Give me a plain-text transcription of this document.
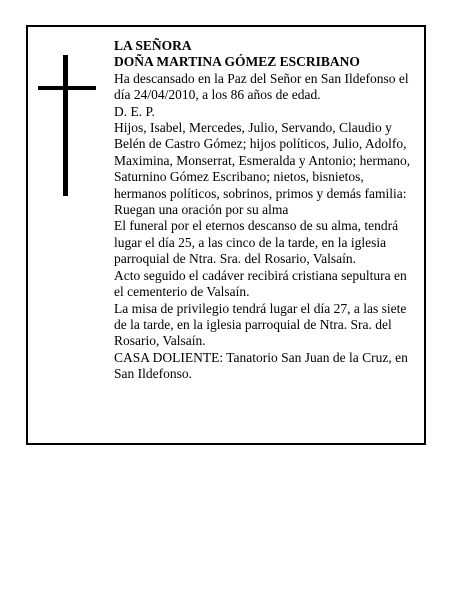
LA SEÑORA

DOÑA MARTINA GÓMEZ ESCRIBANO

Ha descansado en la Paz del Señor en San Ildefonso el día 24/04/2010, a los 86 años de edad.

D. E. P.

Hijos, Isabel, Mercedes, Julio, Servando, Claudio y Belén de Castro Gómez; hijos políticos, Julio, Adolfo, Maximina, Monserrat, Esmeralda y Antonio; hermano, Saturnino Gómez Escribano; nietos, bisnietos, hermanos políticos, sobrinos, primos y demás familia:

Ruegan una oración por su alma

El funeral por el eternos descanso de su alma, tendrá lugar el día 25, a las cinco de la tarde, en la iglesia parroquial de Ntra. Sra. del Rosario, Valsaín.

Acto seguido el cadáver recibirá cristiana sepultura en el cementerio de Valsaín.

La misa de privilegio tendrá lugar el día 27, a las siete de la tarde, en la iglesia parroquial de Ntra. Sra. del Rosario, Valsaín.

CASA DOLIENTE: Tanatorio San Juan de la Cruz, en San Ildefonso.
